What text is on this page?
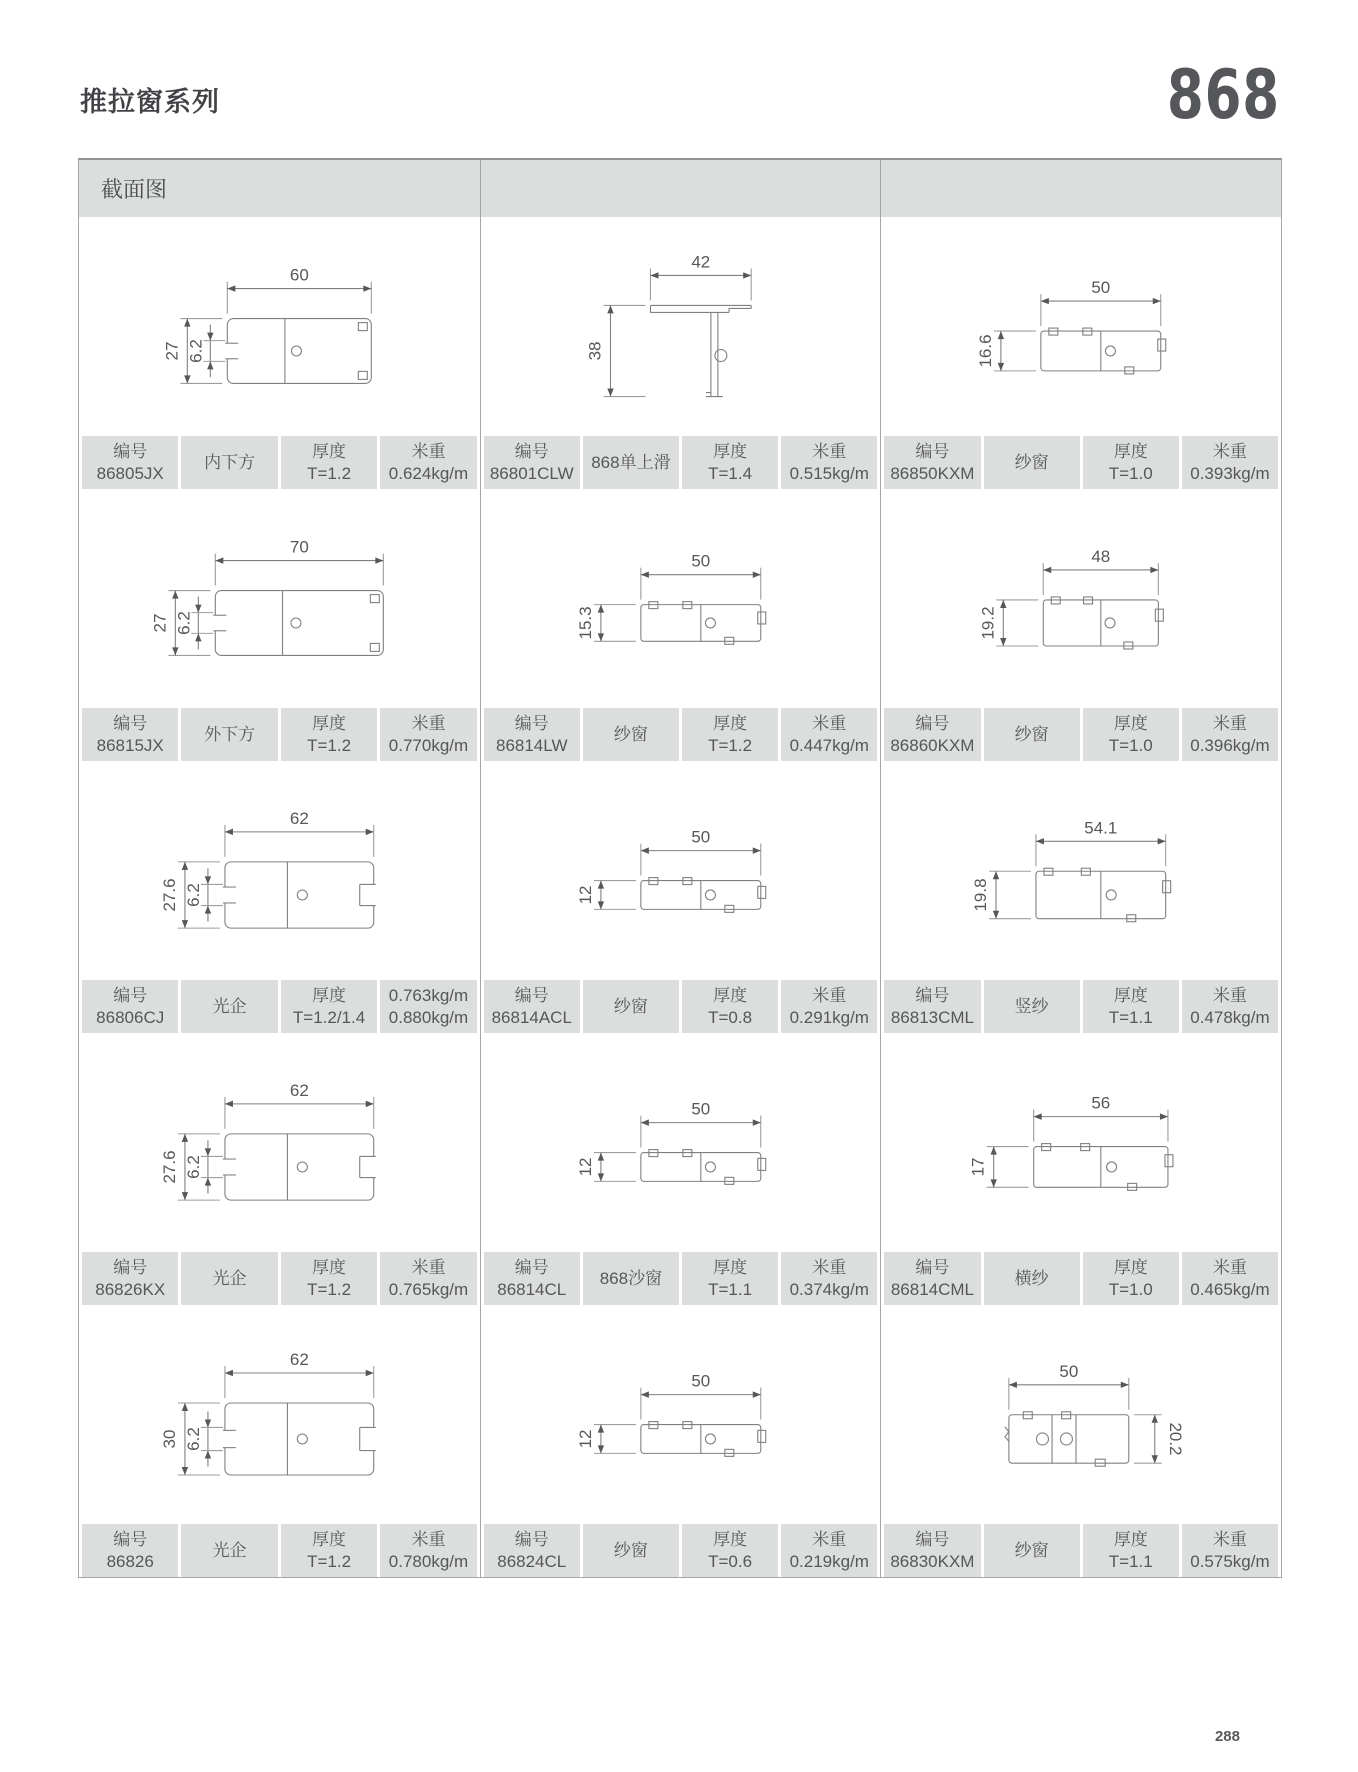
推拉窗系列	868
截面图
60
27 6.2
编号
86805JX
内下方
厚度
T=1.2
米重
0.624kg/m
42
38
编号
86801CLW
868单上滑
厚度
T=1.4
米重
0.515kg/m
50
16.6
编号
86850KXM
纱窗
厚度
T=1.0
米重
0.393kg/m
70
27 6.2
编号
86815JX
外下方
厚度
T=1.2
米重
0.770kg/m
50
15.3
编号
86814LW
纱窗
厚度
T=1.2
米重
0.447kg/m
48
19.2
编号
86860KXM
纱窗
厚度
T=1.0
米重
0.396kg/m
62
27.6 6.2
编号
86806CJ
光企
厚度
T=1.2/1.4
0.763kg/m
0.880kg/m
50
12
编号
86814ACL
纱窗
厚度
T=0.8
米重
0.291kg/m
54.1
19.8
编号
86813CML
竖纱
厚度
T=1.1
米重
0.478kg/m
62
27.6 6.2
编号
86826KX
光企
厚度
T=1.2
米重
0.765kg/m
50
12
编号
86814CL
868沙窗
厚度
T=1.1
米重
0.374kg/m
56
17
编号
86814CML
横纱
厚度
T=1.0
米重
0.465kg/m
62
30 6.2
编号
86826
光企
厚度
T=1.2
米重
0.780kg/m
50
12
编号
86824CL
纱窗
厚度
T=0.6
米重
0.219kg/m
50
20.2
编号
86830KXM
纱窗
厚度
T=1.1
米重
0.575kg/m
288
